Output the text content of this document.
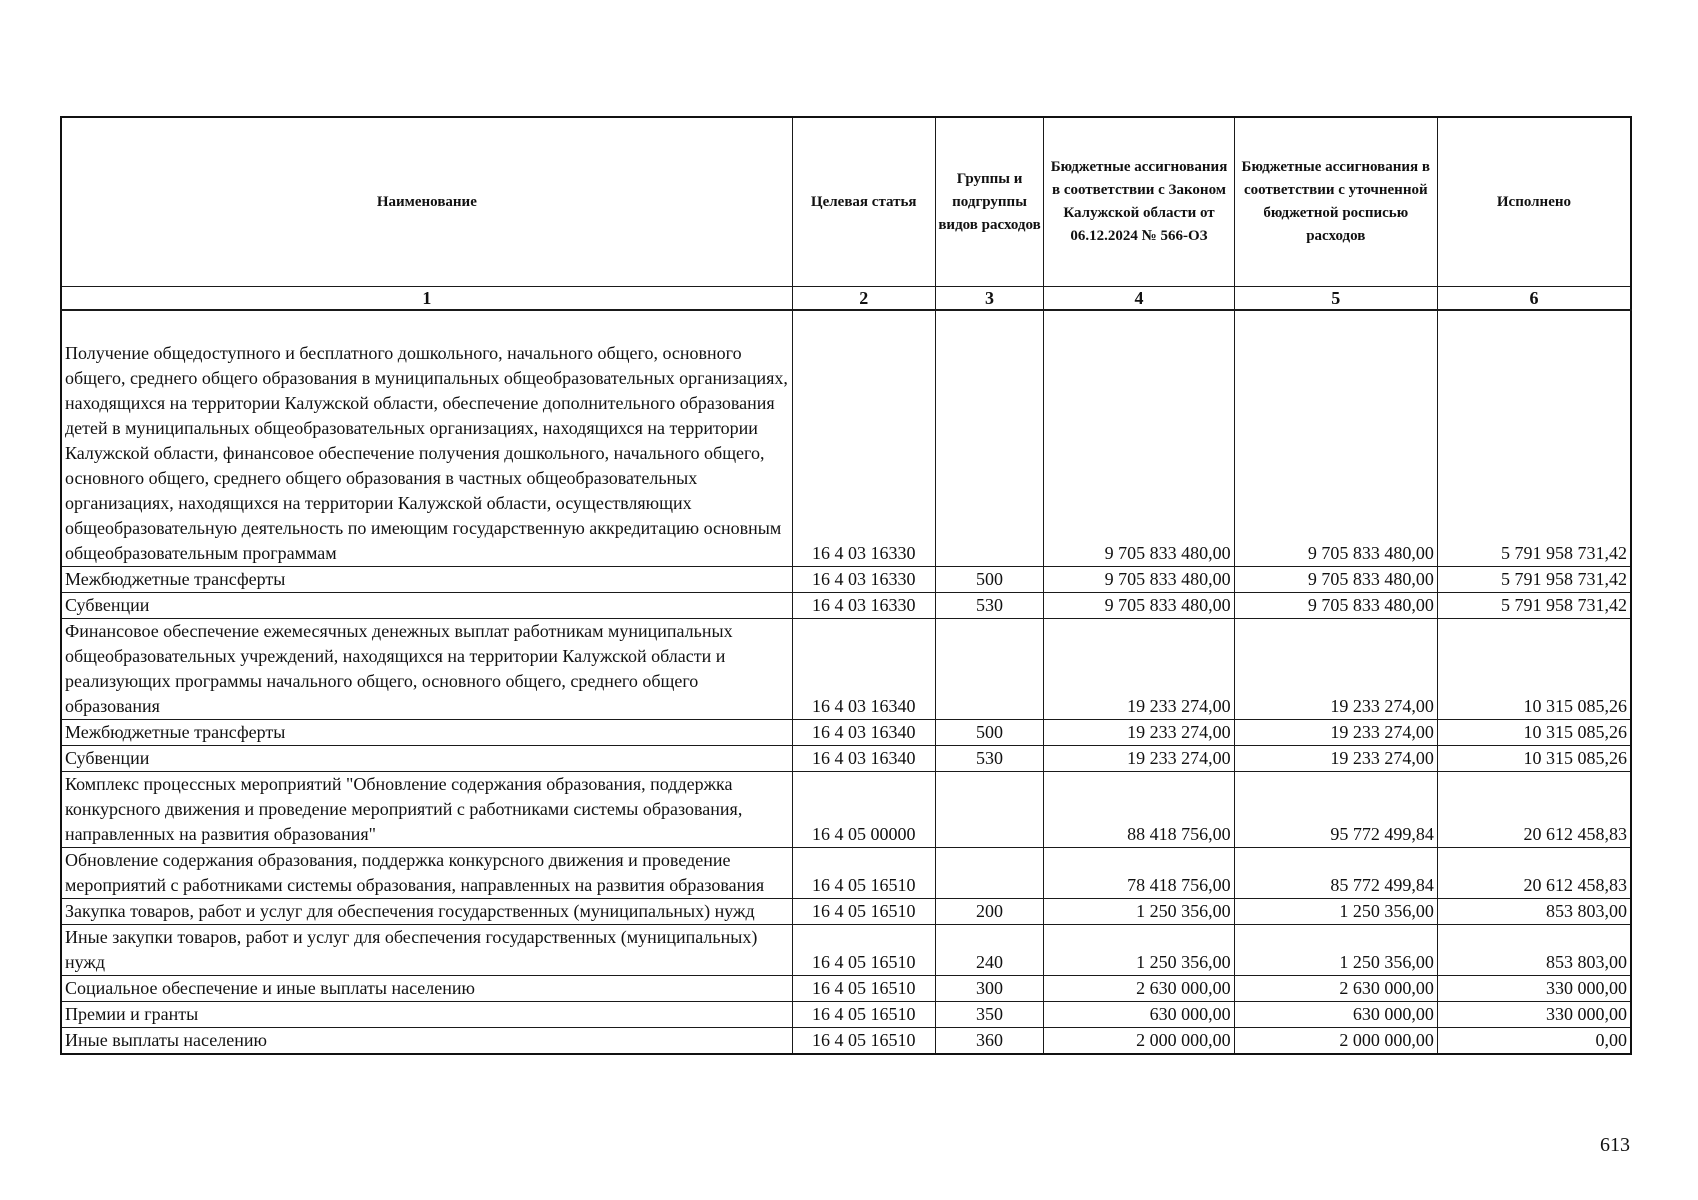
Наименование	Целевая статья	Группы и подгруппы видов расходов	Бюджетные ассигнования в соответствии с Законом Калужской области от 06.12.2024 № 566-ОЗ	Бюджетные ассигнования в соответствии с уточненной бюджетной росписью расходов	Исполнено
1	2	3	4	5	6
Получение общедоступного и бесплатного дошкольного, начального общего, основного общего, среднего общего образования в муниципальных общеобразовательных организациях, находящихся на территории Калужской области, обеспечение дополнительного образования детей в муниципальных общеобразовательных организациях, находящихся на территории Калужской области, финансовое обеспечение получения дошкольного, начального общего, основного общего, среднего общего образования в частных общеобразовательных организациях, находящихся на территории Калужской области, осуществляющих общеобразовательную деятельность по имеющим государственную аккредитацию основным общеобразовательным программам	16 4 03 16330		9 705 833 480,00	9 705 833 480,00	5 791 958 731,42
Межбюджетные трансферты	16 4 03 16330	500	9 705 833 480,00	9 705 833 480,00	5 791 958 731,42
Субвенции	16 4 03 16330	530	9 705 833 480,00	9 705 833 480,00	5 791 958 731,42
Финансовое обеспечение ежемесячных денежных выплат работникам муниципальных общеобразовательных учреждений, находящихся на территории Калужской области и реализующих программы начального общего, основного общего, среднего общего образования	16 4 03 16340		19 233 274,00	19 233 274,00	10 315 085,26
Межбюджетные трансферты	16 4 03 16340	500	19 233 274,00	19 233 274,00	10 315 085,26
Субвенции	16 4 03 16340	530	19 233 274,00	19 233 274,00	10 315 085,26
Комплекс процессных мероприятий "Обновление содержания образования, поддержка конкурсного движения и проведение мероприятий с работниками системы образования, направленных на развития образования"	16 4 05 00000		88 418 756,00	95 772 499,84	20 612 458,83
Обновление содержания образования, поддержка конкурсного движения и проведение мероприятий с работниками системы образования, направленных на развития образования	16 4 05 16510		78 418 756,00	85 772 499,84	20 612 458,83
Закупка товаров, работ и услуг для обеспечения государственных (муниципальных) нужд	16 4 05 16510	200	1 250 356,00	1 250 356,00	853 803,00
Иные закупки товаров, работ и услуг для обеспечения государственных (муниципальных) нужд	16 4 05 16510	240	1 250 356,00	1 250 356,00	853 803,00
Социальное обеспечение и иные выплаты населению	16 4 05 16510	300	2 630 000,00	2 630 000,00	330 000,00
Премии и гранты	16 4 05 16510	350	630 000,00	630 000,00	330 000,00
Иные выплаты населению	16 4 05 16510	360	2 000 000,00	2 000 000,00	0,00
613
